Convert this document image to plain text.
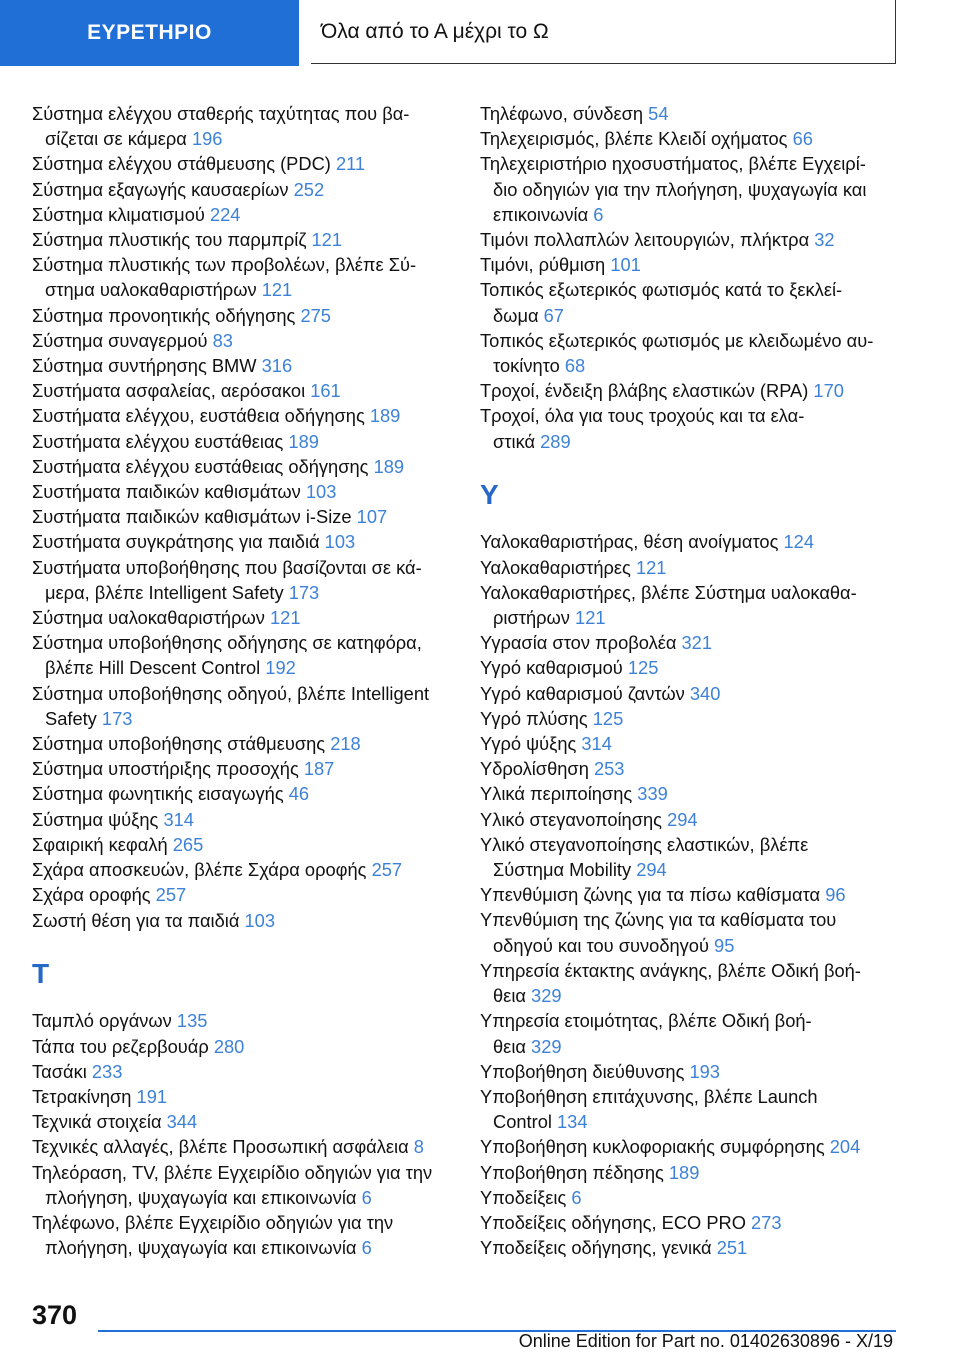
ΕΥΡΕΤΗΡΙΟ	Όλα από το Α μέχρι το Ω
Σύστημα ελέγχου σταθερής ταχύτητας που βα-
σίζεται σε κάμερα 196
Σύστημα ελέγχου στάθμευσης (PDC) 211
Σύστημα εξαγωγής καυσαερίων 252
Σύστημα κλιματισμού 224
Σύστημα πλυστικής του παρμπρίζ 121
Σύστημα πλυστικής των προβολέων, βλέπε Σύ-
στημα υαλοκαθαριστήρων 121
Σύστημα προνοητικής οδήγησης 275
Σύστημα συναγερμού 83
Σύστημα συντήρησης BMW 316
Συστήματα ασφαλείας, αερόσακοι 161
Συστήματα ελέγχου, ευστάθεια οδήγησης 189
Συστήματα ελέγχου ευστάθειας 189
Συστήματα ελέγχου ευστάθειας οδήγησης 189
Συστήματα παιδικών καθισμάτων 103
Συστήματα παιδικών καθισμάτων i-Size 107
Συστήματα συγκράτησης για παιδιά 103
Συστήματα υποβοήθησης που βασίζονται σε κά-
μερα, βλέπε Intelligent Safety 173
Σύστημα υαλοκαθαριστήρων 121
Σύστημα υποβοήθησης οδήγησης σε κατηφόρα,
βλέπε Hill Descent Control 192
Σύστημα υποβοήθησης οδηγού, βλέπε Intelligent
Safety 173
Σύστημα υποβοήθησης στάθμευσης 218
Σύστημα υποστήριξης προσοχής 187
Σύστημα φωνητικής εισαγωγής 46
Σύστημα ψύξης 314
Σφαιρική κεφαλή 265
Σχάρα αποσκευών, βλέπε Σχάρα οροφής 257
Σχάρα οροφής 257
Σωστή θέση για τα παιδιά 103
Τ
Ταμπλό οργάνων 135
Τάπα του ρεζερβουάρ 280
Τασάκι 233
Τετρακίνηση 191
Τεχνικά στοιχεία 344
Τεχνικές αλλαγές, βλέπε Προσωπική ασφάλεια 8
Τηλεόραση, TV, βλέπε Εγχειρίδιο οδηγιών για την
πλοήγηση, ψυχαγωγία και επικοινωνία 6
Τηλέφωνο, βλέπε Εγχειρίδιο οδηγιών για την
πλοήγηση, ψυχαγωγία και επικοινωνία 6
Τηλέφωνο, σύνδεση 54
Τηλεχειρισμός, βλέπε Κλειδί οχήματος 66
Τηλεχειριστήριο ηχοσυστήματος, βλέπε Εγχειρί-
διο οδηγιών για την πλοήγηση, ψυχαγωγία και
επικοινωνία 6
Τιμόνι πολλαπλών λειτουργιών, πλήκτρα 32
Τιμόνι, ρύθμιση 101
Τοπικός εξωτερικός φωτισμός κατά το ξεκλεί-
δωμα 67
Τοπικός εξωτερικός φωτισμός με κλειδωμένο αυ-
τοκίνητο 68
Τροχοί, ένδειξη βλάβης ελαστικών (RPA) 170
Τροχοί, όλα για τους τροχούς και τα ελα-
στικά 289
Υ
Υαλοκαθαριστήρας, θέση ανοίγματος 124
Υαλοκαθαριστήρες 121
Υαλοκαθαριστήρες, βλέπε Σύστημα υαλοκαθα-
ριστήρων 121
Υγρασία στον προβολέα 321
Υγρό καθαρισμού 125
Υγρό καθαρισμού ζαντών 340
Υγρό πλύσης 125
Υγρό ψύξης 314
Υδρολίσθηση 253
Υλικά περιποίησης 339
Υλικό στεγανοποίησης 294
Υλικό στεγανοποίησης ελαστικών, βλέπε
Σύστημα Mobility 294
Υπενθύμιση ζώνης για τα πίσω καθίσματα 96
Υπενθύμιση της ζώνης για τα καθίσματα του
οδηγού και του συνοδηγού 95
Υπηρεσία έκτακτης ανάγκης, βλέπε Οδική βοή-
θεια 329
Υπηρεσία ετοιμότητας, βλέπε Οδική βοή-
θεια 329
Υποβοήθηση διεύθυνσης 193
Υποβοήθηση επιτάχυνσης, βλέπε Launch
Control 134
Υποβοήθηση κυκλοφοριακής συμφόρησης 204
Υποβοήθηση πέδησης 189
Υποδείξεις 6
Υποδείξεις οδήγησης, ECO PRO 273
Υποδείξεις οδήγησης, γενικά 251
370
Online Edition for Part no. 01402630896 - X/19
